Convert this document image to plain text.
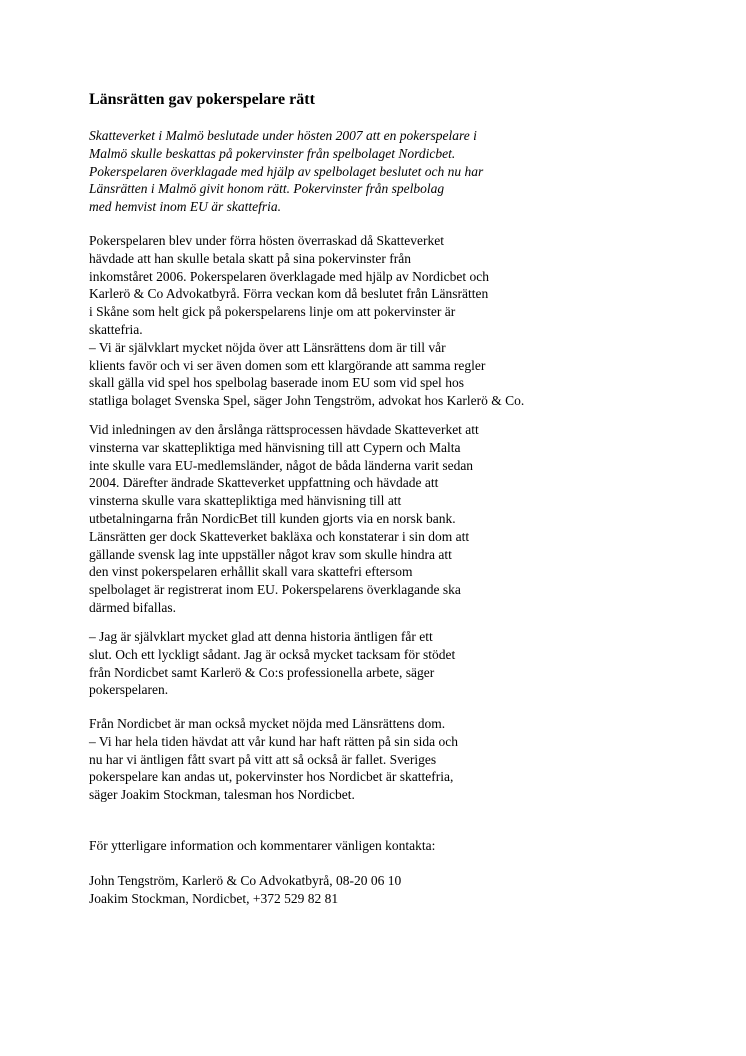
Länsrätten gav pokerspelare rätt
Skatteverket i Malmö beslutade under hösten 2007 att en pokerspelare i
Malmö skulle beskattas på pokervinster från spelbolaget Nordicbet.
Pokerspelaren överklagade med hjälp av spelbolaget beslutet och nu har
Länsrätten i Malmö givit honom rätt. Pokervinster från spelbolag
med hemvist inom EU är skattefria.
Pokerspelaren blev under förra hösten överraskad då Skatteverket
hävdade att han skulle betala skatt på sina pokervinster från
inkomståret 2006. Pokerspelaren överklagade med hjälp av Nordicbet och
Karlerö & Co Advokatbyrå. Förra veckan kom då beslutet från Länsrätten
i Skåne som helt gick på pokerspelarens linje om att pokervinster är
skattefria.
– Vi är självklart mycket nöjda över att Länsrättens dom är till vår
klients favör och vi ser även domen som ett klargörande att samma regler
skall gälla vid spel hos spelbolag baserade inom EU som vid spel hos
statliga bolaget Svenska Spel, säger John Tengström, advokat hos Karlerö & Co.
Vid inledningen av den årslånga rättsprocessen hävdade Skatteverket att
vinsterna var skattepliktiga med hänvisning till att Cypern och Malta
inte skulle vara EU-medlemsländer, något de båda länderna varit sedan
2004. Därefter ändrade Skatteverket uppfattning och hävdade att
vinsterna skulle vara skattepliktiga med hänvisning till att
utbetalningarna från NordicBet till kunden gjorts via en norsk bank.
Länsrätten ger dock Skatteverket bakläxa och konstaterar i sin dom att
gällande svensk lag inte uppställer något krav som skulle hindra att
den vinst pokerspelaren erhållit skall vara skattefri eftersom
spelbolaget är registrerat inom EU. Pokerspelarens överklagande ska
därmed bifallas.
– Jag är självklart mycket glad att denna historia äntligen får ett
slut. Och ett lyckligt sådant. Jag är också mycket tacksam för stödet
från Nordicbet samt Karlerö & Co:s professionella arbete, säger
pokerspelaren.
Från Nordicbet är man också mycket nöjda med Länsrättens dom.
– Vi har hela tiden hävdat att vår kund har haft rätten på sin sida och
nu har vi äntligen fått svart på vitt att så också är fallet. Sveriges
pokerspelare kan andas ut, pokervinster hos Nordicbet är skattefria,
säger Joakim Stockman, talesman hos Nordicbet.
För ytterligare information och kommentarer vänligen kontakta:
John Tengström, Karlerö & Co Advokatbyrå, 08-20 06 10
Joakim Stockman, Nordicbet, +372 529 82 81
